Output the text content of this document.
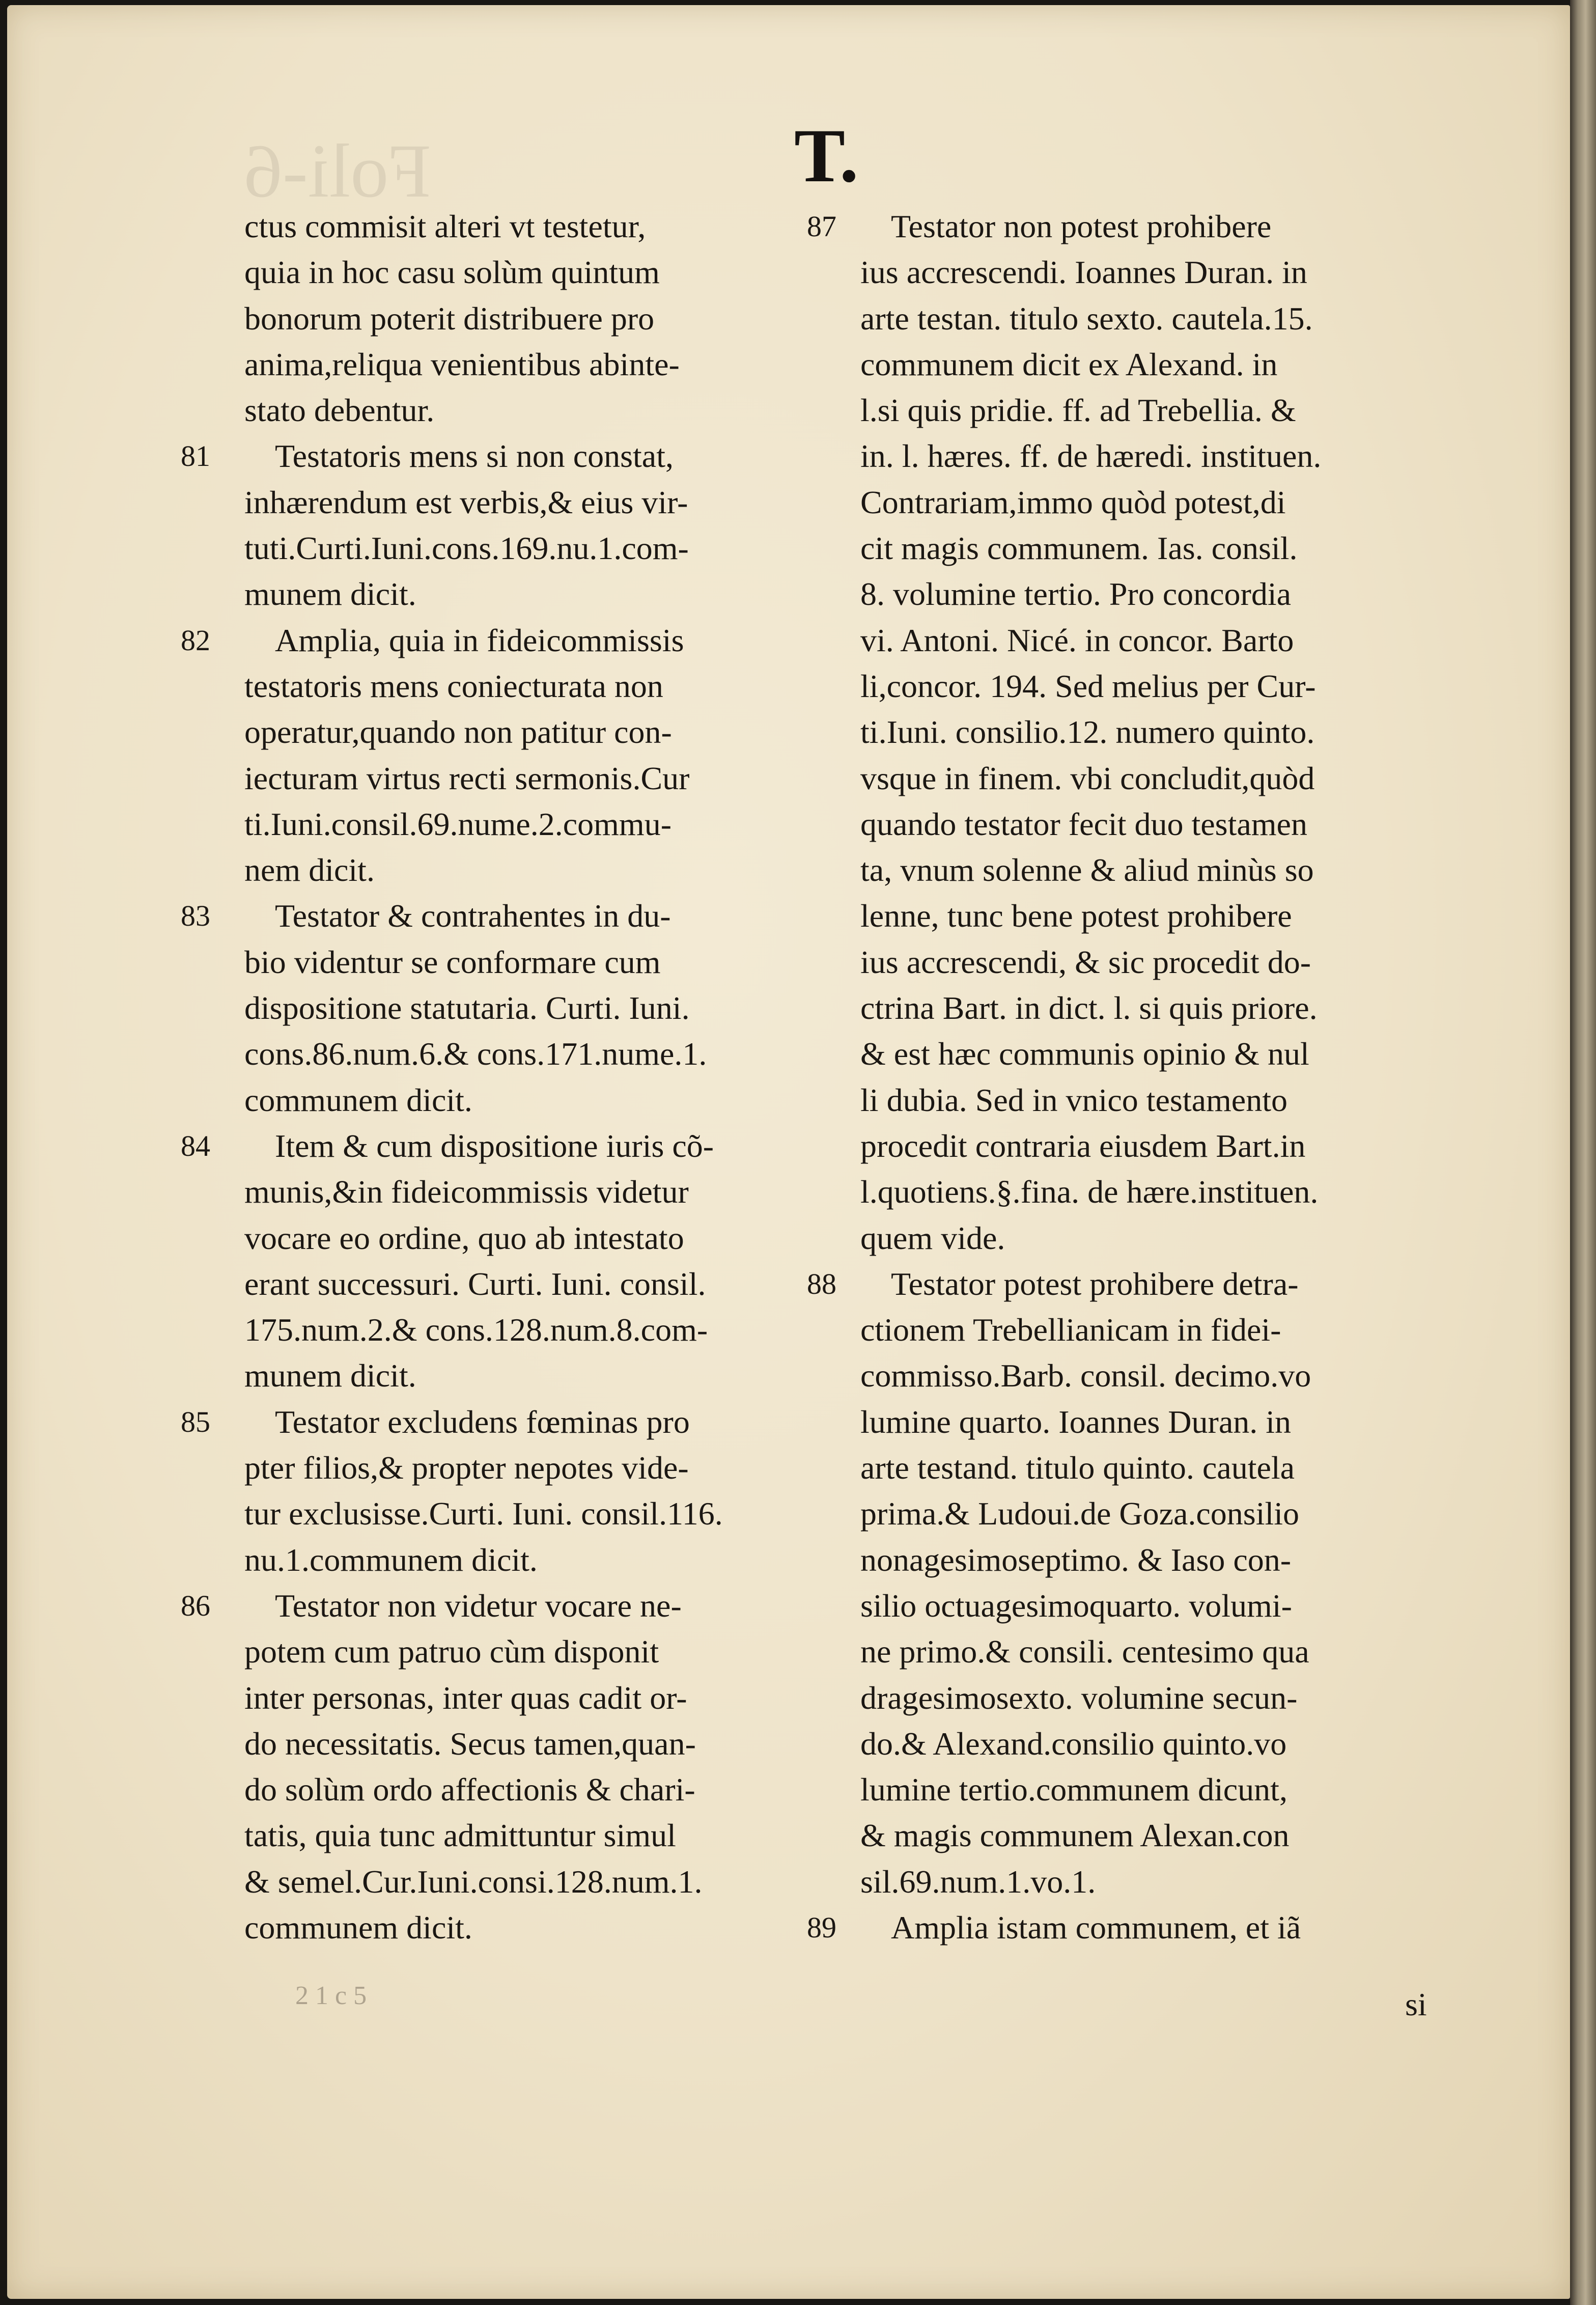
Foli-6	T.
ctus commisit alteri vt testetur,
quia in hoc casu solùm quintum
bonorum poterit distribuere pro
anima,reliqua venientibus abinte-
stato debentur.
81	Testatoris mens si non constat,
inhærendum est verbis,& eius vir-
tuti.Curti.Iuni.cons.169.nu.1.com-
munem dicit.
82	Amplia, quia in fideicommissis
testatoris mens coniecturata non
operatur,quando non patitur con-
iecturam virtus recti sermonis.Cur
ti.Iuni.consil.69.nume.2.commu-
nem dicit.
83	Testator & contrahentes in du-
bio videntur se conformare cum
dispositione statutaria. Curti. Iuni.
cons.86.num.6.& cons.171.nume.1.
communem dicit.
84	Item & cum dispositione iuris cõ-
munis,&in fideicommissis videtur
vocare eo ordine, quo ab intestato
erant successuri. Curti. Iuni. consil.
175.num.2.& cons.128.num.8.com-
munem dicit.
85	Testator excludens fœminas pro
pter filios,& propter nepotes vide-
tur exclusisse.Curti. Iuni. consil.116.
nu.1.communem dicit.
86	Testator non videtur vocare ne-
potem cum patruo cùm disponit
inter personas, inter quas cadit or-
do necessitatis. Secus tamen,quan-
do solùm ordo affectionis & chari-
tatis, quia tunc admittuntur simul
& semel.Cur.Iuni.consi.128.num.1.
communem dicit.
87	Testator non potest prohibere
ius accrescendi. Ioannes Duran. in
arte testan. titulo sexto. cautela.15.
communem dicit ex Alexand. in
l.si quis pridie. ff. ad Trebellia. &
in. l. hæres. ff. de hæredi. instituen.
Contrariam,immo quòd potest,di
cit magis communem. Ias. consil.
8. volumine tertio. Pro concordia
vi. Antoni. Nicé. in concor. Barto
li,concor. 194. Sed melius per Cur-
ti.Iuni. consilio.12. numero quinto.
vsque in finem. vbi concludit,quòd
quando testator fecit duo testamen
ta, vnum solenne & aliud minùs so
lenne, tunc bene potest prohibere
ius accrescendi, & sic procedit do-
ctrina Bart. in dict. l. si quis priore.
& est hæc communis opinio & nul
li dubia. Sed in vnico testamento
procedit contraria eiusdem Bart.in
l.quotiens.§.fina. de hære.instituen.
quem vide.
88	Testator potest prohibere detra-
ctionem Trebellianicam in fidei-
commisso.Barb. consil. decimo.vo
lumine quarto. Ioannes Duran. in
arte testand. titulo quinto. cautela
prima.& Ludoui.de Goza.consilio
nonagesimoseptimo. & Iaso con-
silio octuagesimoquarto. volumi-
ne primo.& consili. centesimo qua
dragesimosexto. volumine secun-
do.& Alexand.consilio quinto.vo
lumine tertio.communem dicunt,
& magis communem Alexan.con
sil.69.num.1.vo.1.
89	Amplia istam communem, et iã
2 1 c 5	si
